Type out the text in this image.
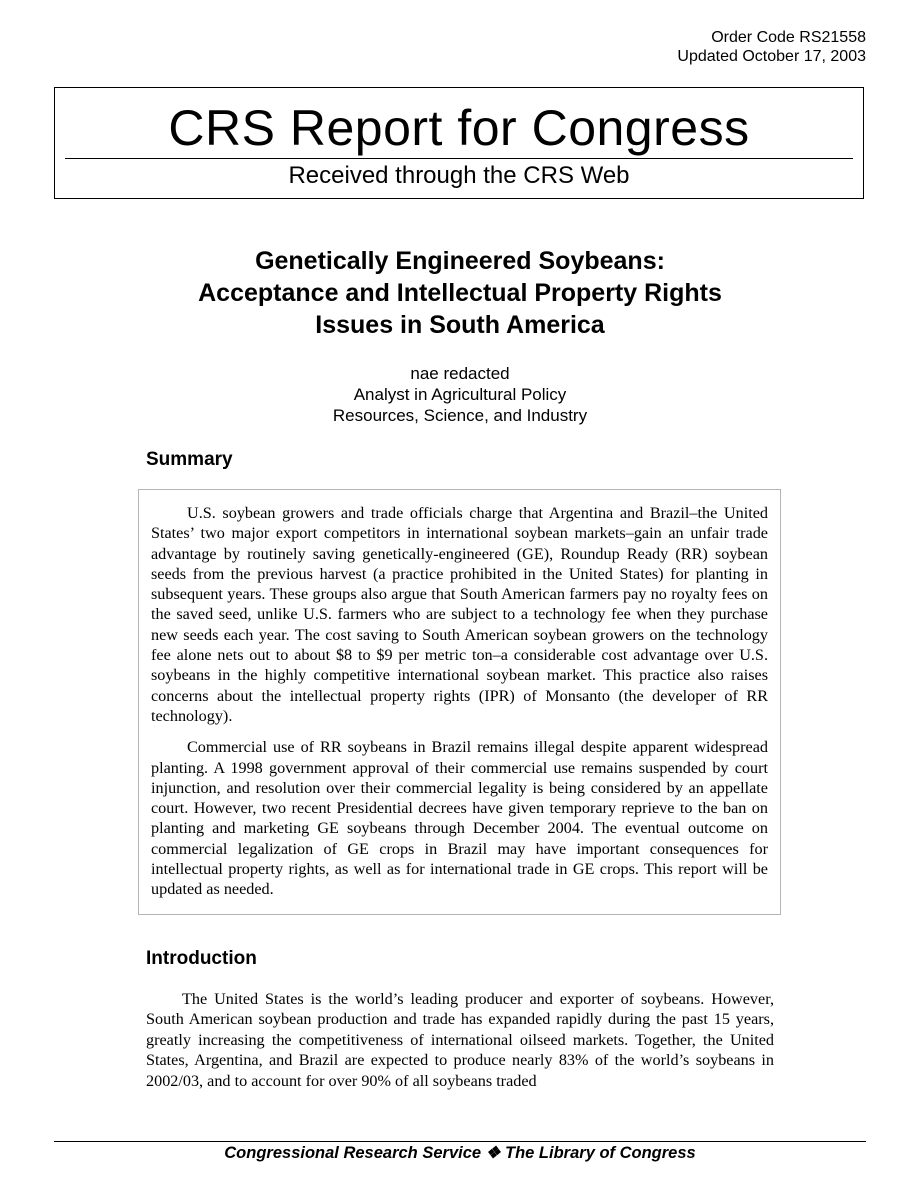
Order Code RS21558
Updated October 17, 2003
CRS Report for Congress
Received through the CRS Web
Genetically Engineered Soybeans:
Acceptance and Intellectual Property Rights
Issues in South America
nae redacted
Analyst in Agricultural Policy
Resources, Science, and Industry
Summary

U.S. soybean growers and trade officials charge that Argentina and Brazil–the United States’ two major export competitors in international soybean markets–gain an unfair trade advantage by routinely saving genetically-engineered (GE), Roundup Ready (RR) soybean seeds from the previous harvest (a practice prohibited in the United States) for planting in subsequent years. These groups also argue that South American farmers pay no royalty fees on the saved seed, unlike U.S. farmers who are subject to a technology fee when they purchase new seeds each year. The cost saving to South American soybean growers on the technology fee alone nets out to about $8 to $9 per metric ton–a considerable cost advantage over U.S. soybeans in the highly competitive international soybean market. This practice also raises concerns about the intellectual property rights (IPR) of Monsanto (the developer of RR technology).

Commercial use of RR soybeans in Brazil remains illegal despite apparent widespread planting. A 1998 government approval of their commercial use remains suspended by court injunction, and resolution over their commercial legality is being considered by an appellate court. However, two recent Presidential decrees have given temporary reprieve to the ban on planting and marketing GE soybeans through December 2004. The eventual outcome on commercial legalization of GE crops in Brazil may have important consequences for intellectual property rights, as well as for international trade in GE crops. This report will be updated as needed.

Introduction

The United States is the world’s leading producer and exporter of soybeans. However, South American soybean production and trade has expanded rapidly during the past 15 years, greatly increasing the competitiveness of international oilseed markets. Together, the United States, Argentina, and Brazil are expected to produce nearly 83% of the world’s soybeans in 2002/03, and to account for over 90% of all soybeans traded

Congressional Research Service ❖ The Library of Congress
